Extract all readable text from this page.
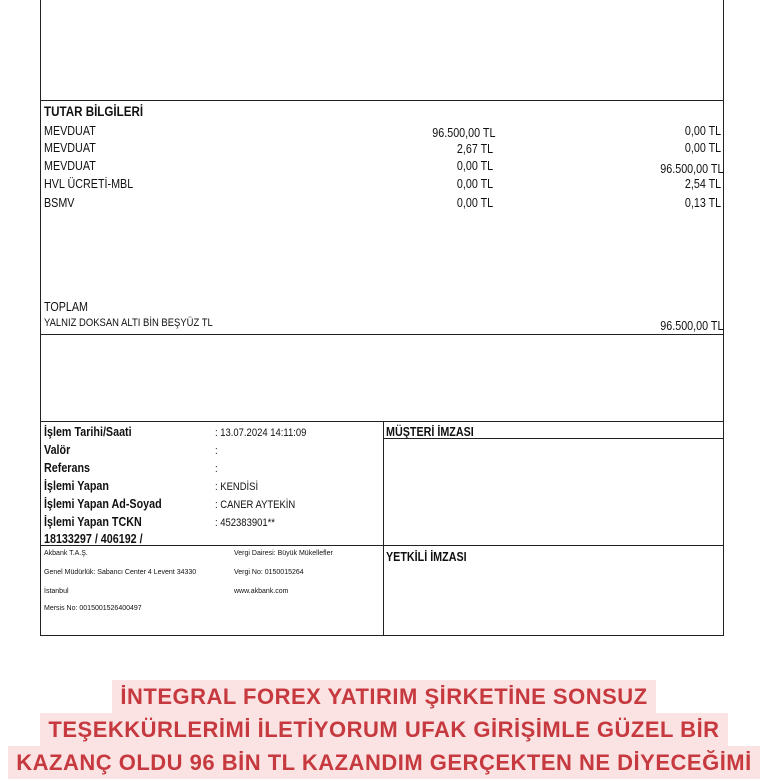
TUTAR BİLGİLERİ
MEVDUAT	96.500,00 TL	0,00 TL
MEVDUAT	2,67 TL	0,00 TL
MEVDUAT	0,00 TL	96.500,00 TL
HVL ÜCRETİ-MBL	0,00 TL	2,54 TL
BSMV	0,00 TL	0,13 TL
TOPLAM
YALNIZ DOKSAN ALTI BİN BEŞYÜZ TL	96.500,00 TL
İşlem Tarihi/Saati	: 13.07.2024 14:11:09
Valör	:
Referans	:
İşlemi Yapan	: KENDİSİ
İşlemi Yapan Ad-Soyad	: CANER AYTEKİN
İşlemi Yapan TCKN	: 452383901**
18133297 / 406192 /
MÜŞTERİ İMZASI
YETKİLİ İMZASI
Akbank T.A.Ş.
Genel Müdürlük: Sabancı Center 4 Levent 34330
İstanbul
Mersis No: 0015001526400497
Vergi Dairesi: Büyük Mükellefler
Vergi No: 0150015264
www.akbank.com
İNTEGRAL FOREX YATIRIM ŞİRKETİNE SONSUZ
TEŞEKKÜRLERİMİ İLETİYORUM UFAK GİRİŞİMLE GÜZEL BİR
KAZANÇ OLDU 96 BİN TL KAZANDIM GERÇEKTEN NE DİYECEĞİMİ
